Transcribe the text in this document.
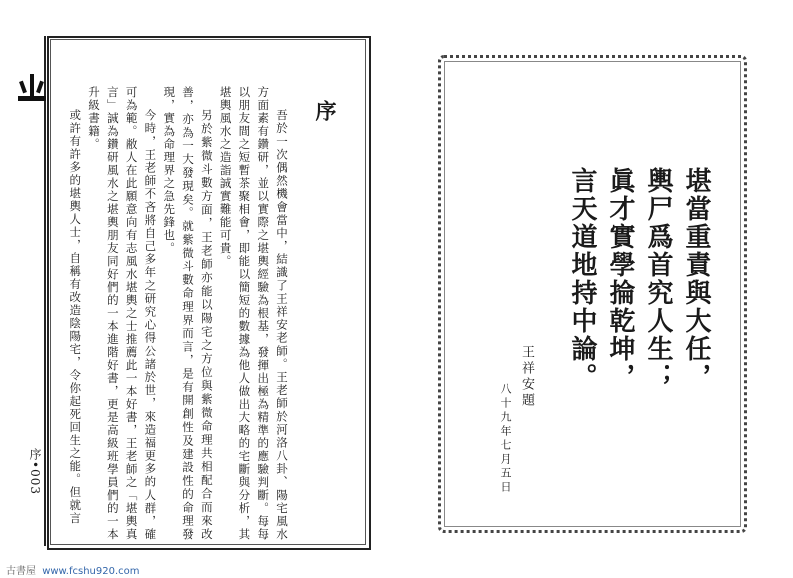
序•003
序

吾於一次偶然機會當中，結識了王祥安老師。王老師於河洛八卦、陽宅風水方面素有鑽研，並以實際之堪輿經驗為根基，發揮出極為精準的應驗判斷。每每以朋友間之短暫茶聚相會，即能以簡短的數據為他人做出大略的宅斷與分析，其堪輿風水之造詣誠實難能可貴。

另於紫微斗數方面，王老師亦能以陽宅之方位與紫微命理共相配合而來改善，亦為一大發現矣。就紫微斗數命理界而言，是有開創性及建設性的命理發現，實為命理界之急先鋒也。

今時，王老師不吝將自己多年之研究心得公諸於世，來造福更多的人群，確可為範。敝人在此願意向有志風水堪輿之士推薦此一本好書，王老師之「堪輿真言」誠為鑽研風水之堪輿朋友同好們的一本進階好書，更是高級班學員們的一本升級書籍。

或許有許多的堪輿人士，自稱有改造陰陽宅，令你起死回生之能。但就言	堪當重責與大任，
輿尸爲首究人生；
眞才實學掄乾坤，
言天道地持中論。
王祥安題
八十九年七月五日
古書屋 www.fcshu920.com
